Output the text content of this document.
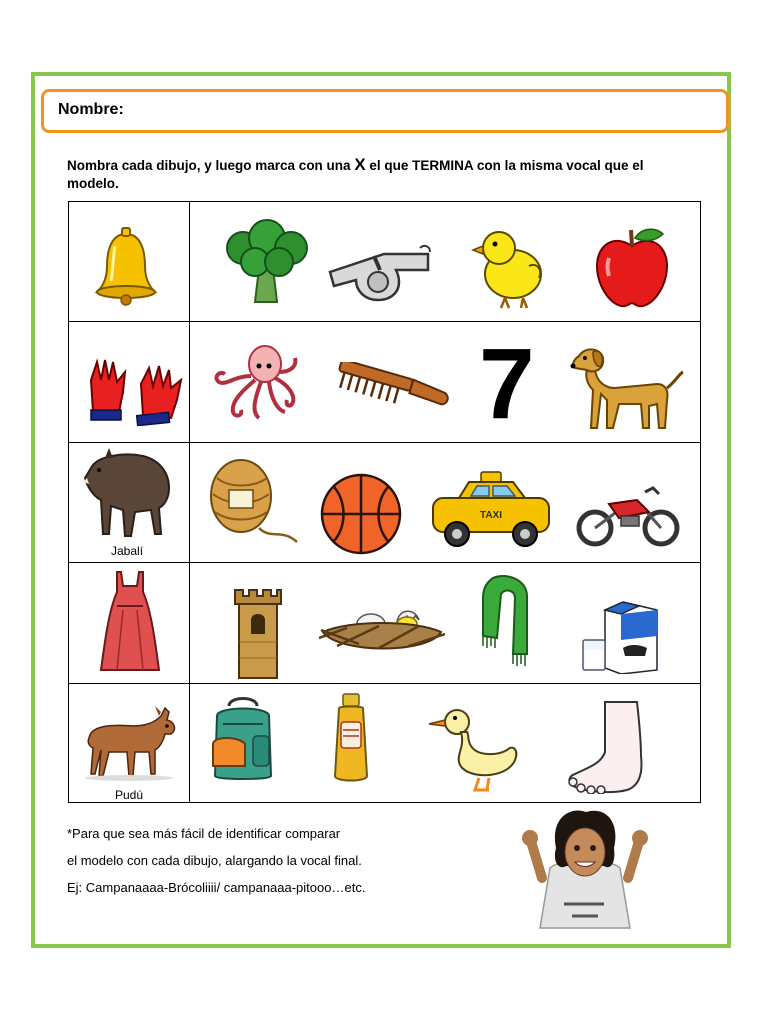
Nombre:
Nombra cada dibujo, y luego marca con una X el que TERMINA con la misma vocal que el modelo.
7
Jabalí
TAXI
Pudú
*Para que sea más fácil de identificar comparar
el modelo con cada dibujo, alargando la vocal final.
Ej: Campanaaaa-Brócoliiii/ campanaaa-pitooo…etc.
